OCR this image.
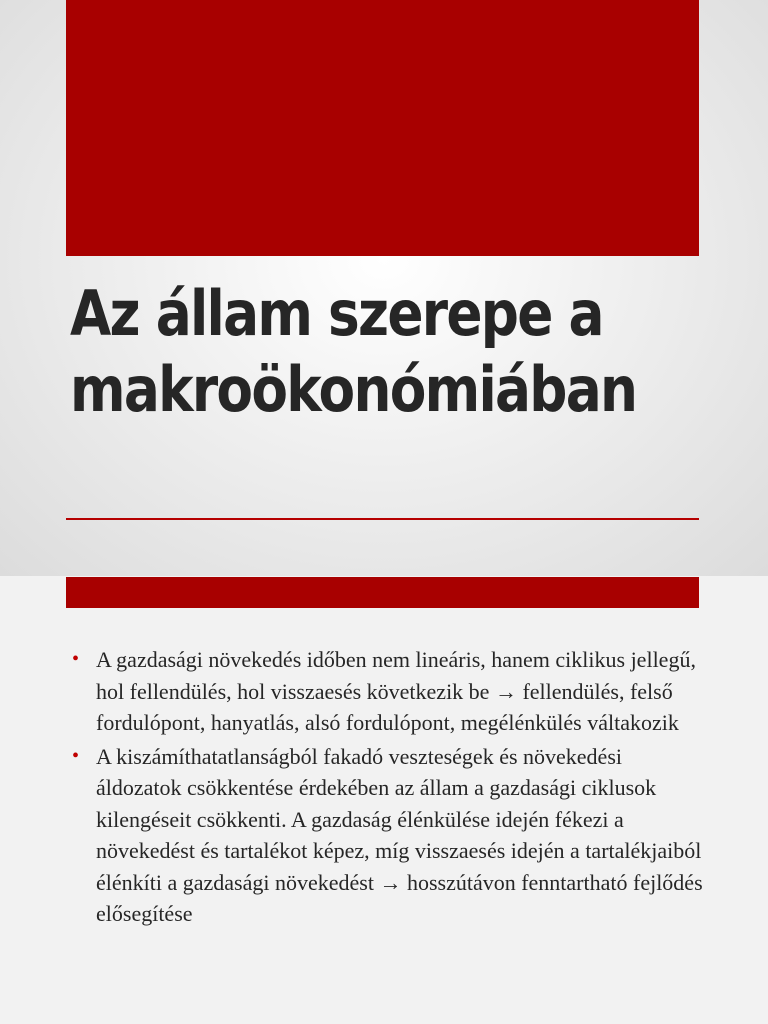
Az állam szerepe a
makroökonómiában
• A gazdasági növekedés időben nem lineáris, hanem ciklikus jellegű, hol fellendülés, hol visszaesés következik be → fellendülés, felső fordulópont, hanyatlás, alsó fordulópont, megélénkülés váltakozik
• A kiszámíthatatlanságból fakadó veszteségek és növekedési áldozatok csökkentése érdekében az állam a gazdasági ciklusok kilengéseit csökkenti. A gazdaság élénkülése idején fékezi a növekedést és tartalékot képez, míg visszaesés idején a tartalékjaiból élénkíti a gazdasági növekedést → hosszútávon fenntartható fejlődés elősegítése
